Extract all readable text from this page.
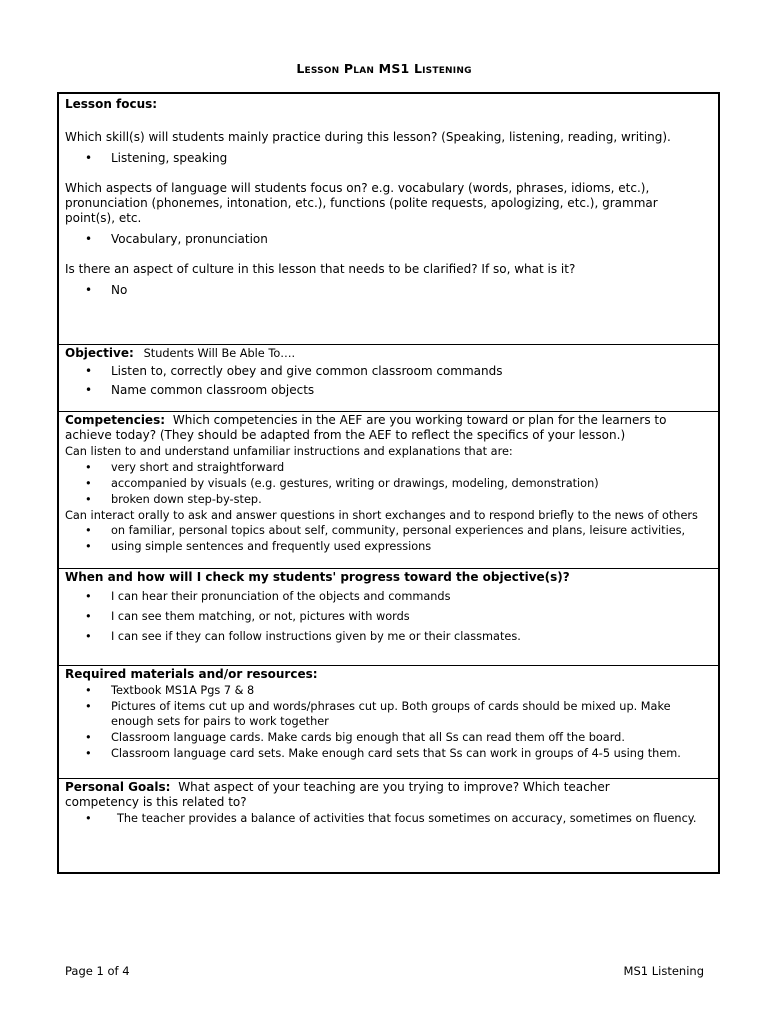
Lesson Plan MS1 Listening
Lesson focus:
Which skill(s) will students mainly practice during this lesson? (Speaking, listening, reading, writing).
• Listening, speaking
Which aspects of language will students focus on? e.g. vocabulary (words, phrases, idioms, etc.), pronunciation (phonemes, intonation, etc.), functions (polite requests, apologizing, etc.), grammar point(s), etc.
• Vocabulary, pronunciation
Is there an aspect of culture in this lesson that needs to be clarified? If so, what is it?
• No
Objective: Students Will Be Able To….
• Listen to, correctly obey and give common classroom commands
• Name common classroom objects
Competencies: Which competencies in the AEF are you working toward or plan for the learners to achieve today? (They should be adapted from the AEF to reflect the specifics of your lesson.)
Can listen to and understand unfamiliar instructions and explanations that are:
• very short and straightforward
• accompanied by visuals (e.g. gestures, writing or drawings, modeling, demonstration)
• broken down step-by-step.
Can interact orally to ask and answer questions in short exchanges and to respond briefly to the news of others
• on familiar, personal topics about self, community, personal experiences and plans, leisure activities,
• using simple sentences and frequently used expressions
When and how will I check my students' progress toward the objective(s)?
• I can hear their pronunciation of the objects and commands
• I can see them matching, or not, pictures with words
• I can see if they can follow instructions given by me or their classmates.
Required materials and/or resources:
• Textbook MS1A Pgs 7 & 8
• Pictures of items cut up and words/phrases cut up. Both groups of cards should be mixed up. Make enough sets for pairs to work together
• Classroom language cards. Make cards big enough that all Ss can read them off the board.
• Classroom language card sets. Make enough card sets that Ss can work in groups of 4-5 using them.
Personal Goals: What aspect of your teaching are you trying to improve? Which teacher competency is this related to?
• The teacher provides a balance of activities that focus sometimes on accuracy, sometimes on fluency.
Page 1 of 4	MS1 Listening
